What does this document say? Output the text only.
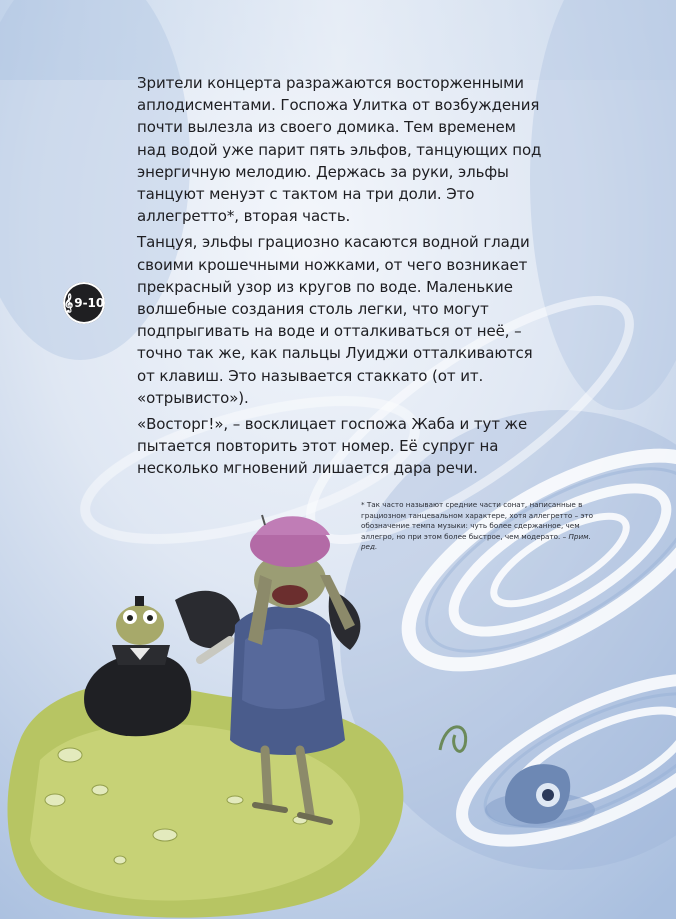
𝄞 9-10

Зрители концерта разражаются восторженными аплодисментами. Госпожа Улитка от возбуждения почти вылезла из своего домика. Тем временем над водой уже парит пять эльфов, танцующих под энергичную мелодию. Держась за руки, эльфы танцуют менуэт с тактом на три доли. Это аллегретто*, вторая часть.

Танцуя, эльфы грациозно касаются водной глади своими крошечными ножками, от чего возникает прекрасный узор из кругов по воде. Маленькие волшебные создания столь легки, что могут подпрыгивать на воде и отталкиваться от неё, – точно так же, как пальцы Луиджи отталкиваются от клавиш. Это называется стаккато (от ит. «отрывисто»).

«Восторг!», – восклицает госпожа Жаба и тут же пытается повторить этот номер. Её супруг на несколько мгновений лишается дара речи.

* Так часто называют средние части сонат, написанные в грациозном танцевальном характере, хотя аллегретто – это обозначение темпа музыки: чуть более сдержанное, чем аллегро, но при этом более быстрое, чем модерато. – Прим. ред.
